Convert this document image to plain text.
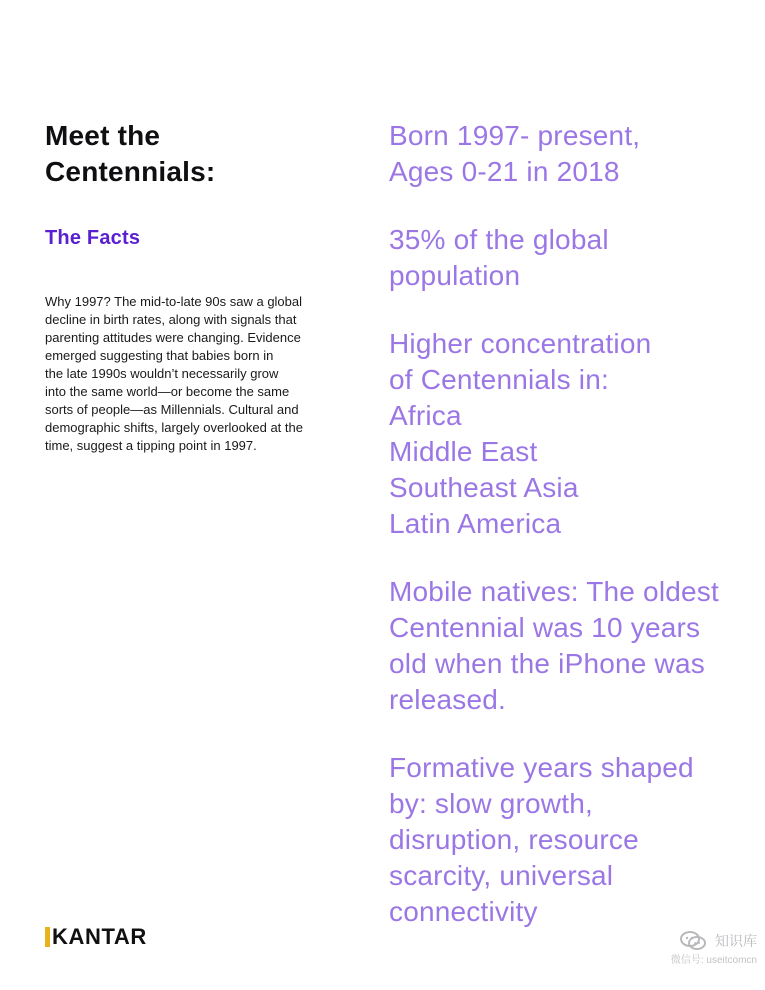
Meet the
Centennials:
The Facts
Why 1997? The mid-to-late 90s saw a global
decline in birth rates, along with signals that
parenting attitudes were changing. Evidence
emerged suggesting that babies born in
the late 1990s wouldn’t necessarily grow
into the same world—or become the same
sorts of people—as Millennials. Cultural and
demographic shifts, largely overlooked at the
time, suggest a tipping point in 1997.
Born 1997- present,
Ages 0-21 in 2018
35% of the global
population
Higher concentration
of Centennials in:
Africa
Middle East
Southeast Asia
Latin America
Mobile natives: The oldest
Centennial was 10 years
old when the iPhone was
released.
Formative years shaped
by: slow growth,
disruption, resource
scarcity, universal
connectivity
KANTAR	知识库
微信号: useitcomcn
